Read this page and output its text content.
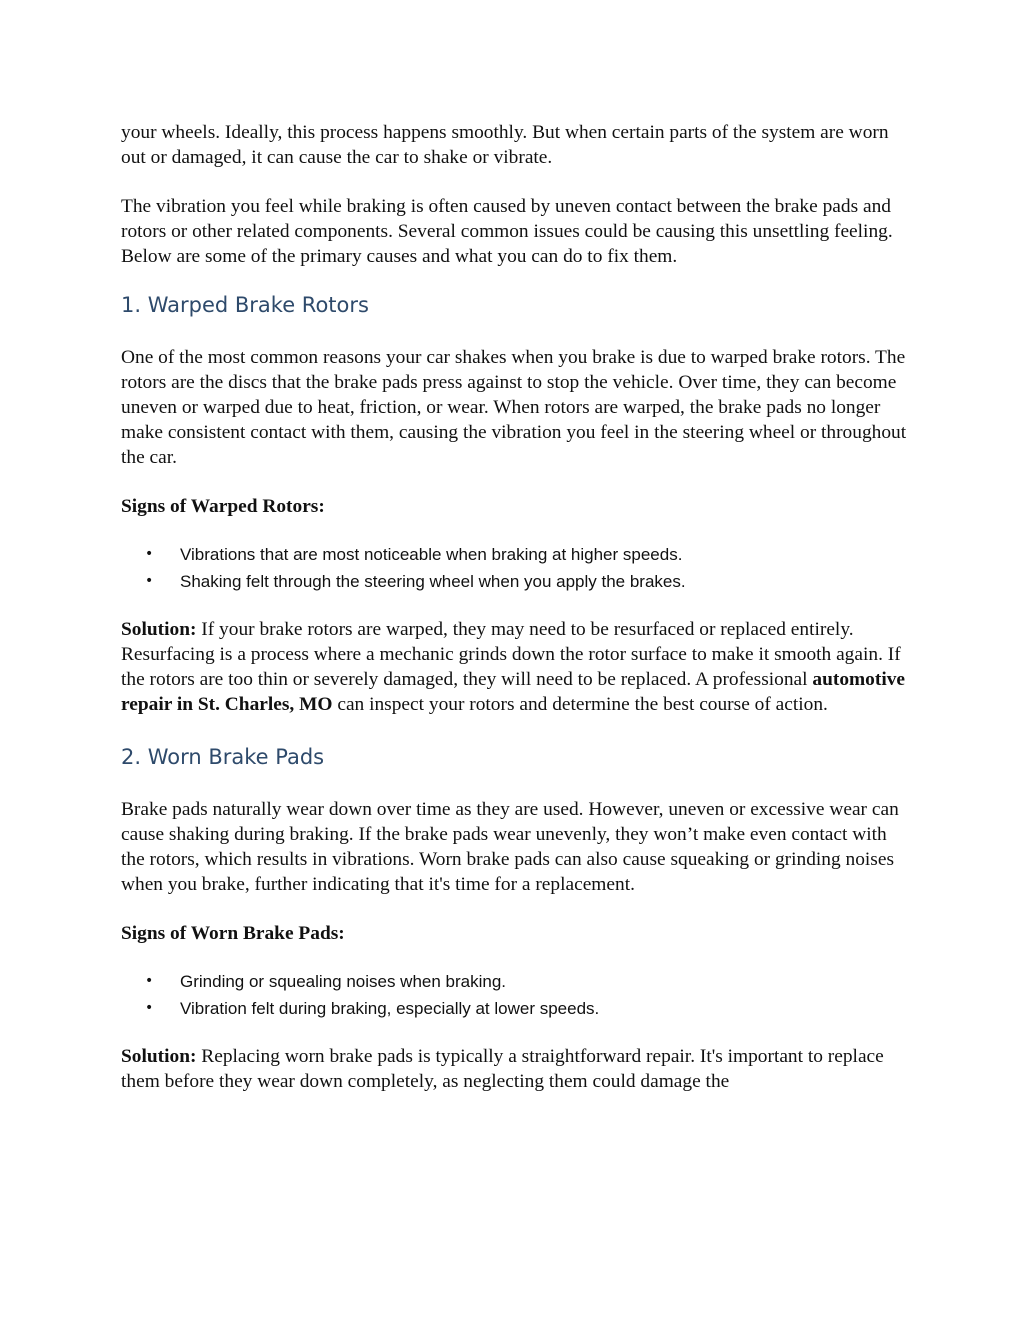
your wheels. Ideally, this process happens smoothly. But when certain parts of the system are worn out or damaged, it can cause the car to shake or vibrate.

The vibration you feel while braking is often caused by uneven contact between the brake pads and rotors or other related components. Several common issues could be causing this unsettling feeling. Below are some of the primary causes and what you can do to fix them.

1. Warped Brake Rotors

One of the most common reasons your car shakes when you brake is due to warped brake rotors. The rotors are the discs that the brake pads press against to stop the vehicle. Over time, they can become uneven or warped due to heat, friction, or wear. When rotors are warped, the brake pads no longer make consistent contact with them, causing the vibration you feel in the steering wheel or throughout the car.

Signs of Warped Rotors:

• Vibrations that are most noticeable when braking at higher speeds.
• Shaking felt through the steering wheel when you apply the brakes.

Solution: If your brake rotors are warped, they may need to be resurfaced or replaced entirely. Resurfacing is a process where a mechanic grinds down the rotor surface to make it smooth again. If the rotors are too thin or severely damaged, they will need to be replaced. A professional automotive repair in St. Charles, MO can inspect your rotors and determine the best course of action.

2. Worn Brake Pads

Brake pads naturally wear down over time as they are used. However, uneven or excessive wear can cause shaking during braking. If the brake pads wear unevenly, they won’t make even contact with the rotors, which results in vibrations. Worn brake pads can also cause squeaking or grinding noises when you brake, further indicating that it's time for a replacement.

Signs of Worn Brake Pads:

• Grinding or squealing noises when braking.
• Vibration felt during braking, especially at lower speeds.

Solution: Replacing worn brake pads is typically a straightforward repair. It's important to replace them before they wear down completely, as neglecting them could damage the
